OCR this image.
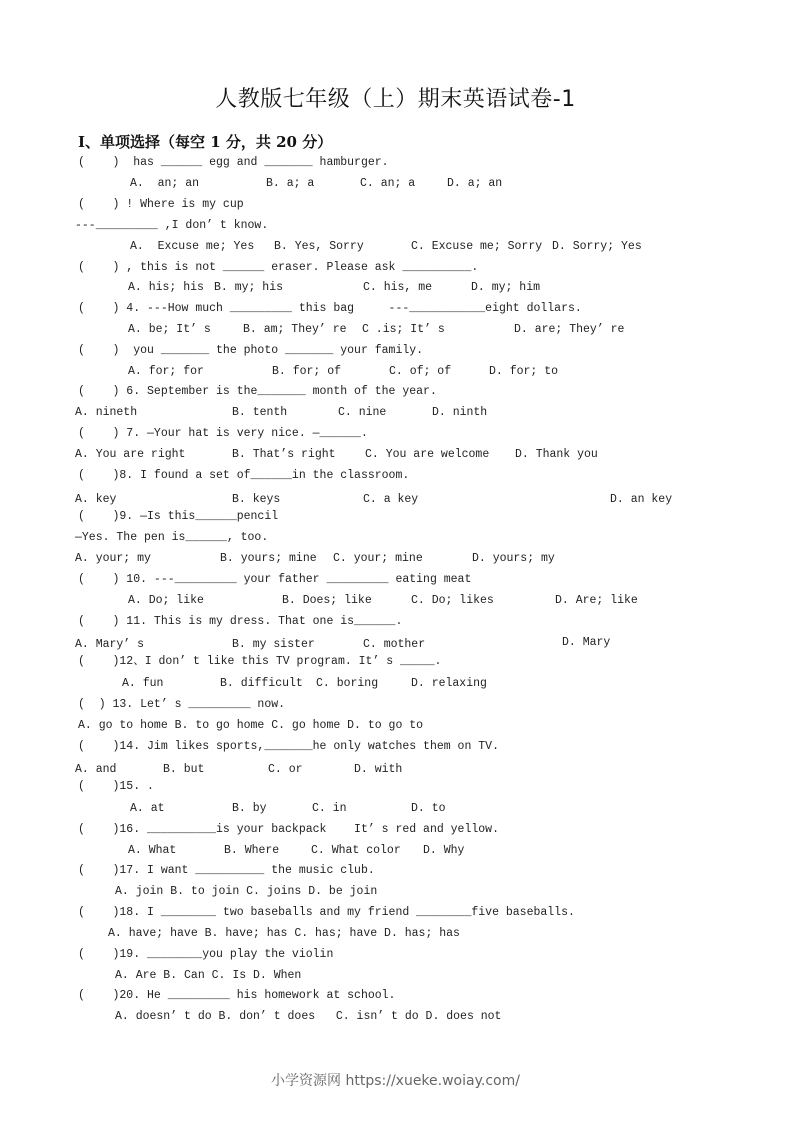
人教版七年级（上）期末英语试卷-1
I、单项选择（每空 1 分，共 20 分）
(    )  has ______ egg and _______ hamburger.
A.  an; an	B. a; a	C. an; a	D. a; an
(    ) ! Where is my cup
---_________ ,I don’ t know.
A.  Excuse me; Yes B. Yes, Sorry	C. Excuse me; Sorry D. Sorry; Yes
(    ) , this is not ______ eraser. Please ask __________.
A. his; his B. my; his	C. his, me	D. my; him
(    ) 4. ---How much _________ this bag     ---___________eight dollars.
A. be; It’ s	B. am; They’ re C .is; It’ s	D. are; They’ re
(    )  you _______ the photo _______ your family.
A. for; for	B. for; of	C. of; of	D. for; to
(    ) 6. September is the_______ month of the year.
A. nineth	B. tenth	C. nine	D. ninth
(    ) 7. —Your hat is very nice. —______.
A. You are right	B. That’s right	C. You are welcome D. Thank you
(    )8. I found a set of______in the classroom.
A. key	B. keys	C. a key	D. an key
(    )9. —Is this______pencil
—Yes. The pen is______, too.
A. your; my	B. yours; mine C. your; mine	D. yours; my
(    ) 10. ---_________ your father _________ eating meat
A. Do; like	B. Does; like	C. Do; likes	D. Are; like
(    ) 11. This is my dress. That one is______.
A. Mary’ s	B. my sister	C. mother	D. Mary
(    )12、I don’ t like this TV program. It’ s _____.
A. fun	B. difficult C. boring	D. relaxing
(  ) 13. Let’ s _________ now.
A. go to home B. to go home C. go home D. to go to
(    )14. Jim likes sports,_______he only watches them on TV.
A. and	B. but	C. or	D. with
(    )15. .
A. at	B. by	C. in	D. to
(    )16. __________is your backpack    It’ s red and yellow.
A. What	B. Where	C. What color D. Why
(    )17. I want __________ the music club.
A. join B. to join C. joins D. be join
(    )18. I ________ two baseballs and my friend ________five baseballs.
A. have; have B. have; has C. has; have D. has; has
(    )19. ________you play the violin
A. Are B. Can C. Is D. When
(    )20. He _________ his homework at school.
A. doesn’ t do B. don’ t does   C. isn’ t do D. does not
小学资源网 https://xueke.woiay.com/
